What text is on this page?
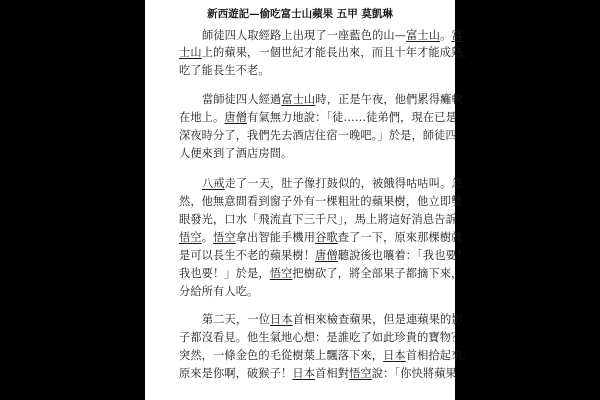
新西遊記—偷吃富士山蘋果 五甲 莫凱琳
師徒四人取經路上出現了一座藍色的山—富士山。富
士山上的蘋果，一個世紀才能長出來，而且十年才能成熟，
吃了能長生不老。
當師徒四人經過富士山時，正是午夜，他們累得癱軟
在地上。唐僧有氣無力地說：「徒……徒弟們，現在已是
深夜時分了，我們先去酒店住宿一晚吧。」於是，師徒四
人便來到了酒店房間。
八戒走了一天，肚子像打鼓似的，被餓得咕咕叫。忽
然，他無意間看到窗子外有一棵粗壯的蘋果樹，他立即雙
眼發光，口水「飛流直下三千尺」，馬上將這好消息告訴
悟空。悟空拿出智能手機用谷歌查了一下，原來那棵樹就
是可以長生不老的蘋果樹！唐僧聽說後也嚷着：「我也要！
我也要！」於是，悟空把樹砍了，將全部果子都摘下來，
分給所有人吃。
第二天，一位日本首相來檢查蘋果，但是連蘋果的影
子都沒看見。他生氣地心想：是誰吃了如此珍貴的寶物？
突然，一條金色的毛從樹葉上飄落下來，日本首相拾起來：
原來是你啊，破猴子！日本首相對悟空說：「你快將蘋果
